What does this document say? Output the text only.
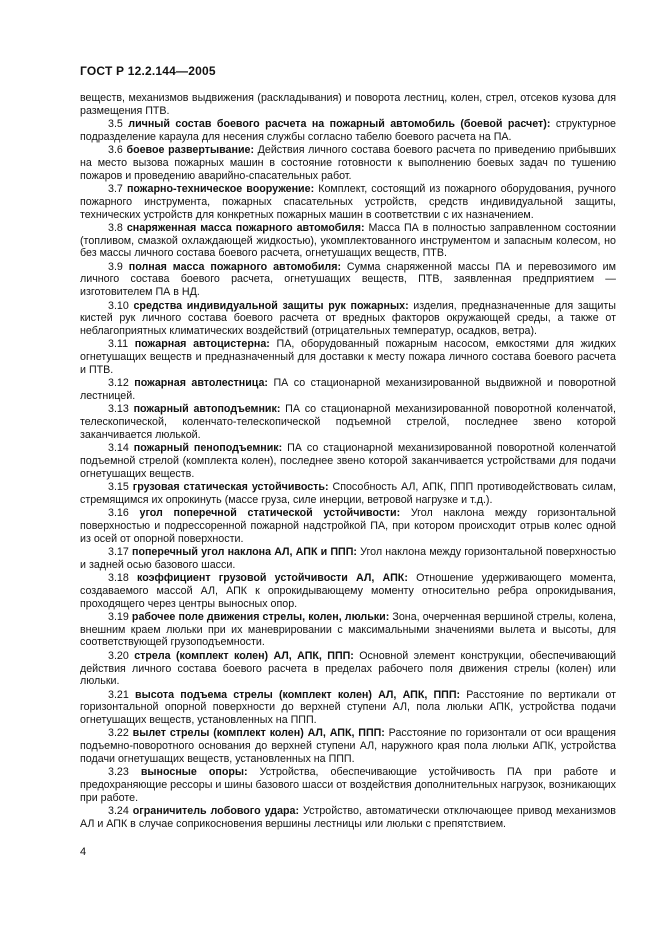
ГОСТ Р 12.2.144—2005

веществ, механизмов выдвижения (раскладывания) и поворота лестниц, колен, стрел, отсеков кузова для размещения ПТВ.

3.5 личный состав боевого расчета на пожарный автомобиль (боевой расчет): структурное подразделение караула для несения службы согласно табелю боевого расчета на ПА.

3.6 боевое развертывание: Действия личного состава боевого расчета по приведению прибывших на место вызова пожарных машин в состояние готовности к выполнению боевых задач по тушению пожаров и проведению аварийно-спасательных работ.

3.7 пожарно-техническое вооружение: Комплект, состоящий из пожарного оборудования, ручного пожарного инструмента, пожарных спасательных устройств, средств индивидуальной защиты, технических устройств для конкретных пожарных машин в соответствии с их назначением.

3.8 снаряженная масса пожарного автомобиля: Масса ПА в полностью заправленном состоянии (топливом, смазкой охлаждающей жидкостью), укомплектованного инструментом и запасным колесом, но без массы личного состава боевого расчета, огнетушащих веществ, ПТВ.

3.9 полная масса пожарного автомобиля: Сумма снаряженной массы ПА и перевозимого им личного состава боевого расчета, огнетушащих веществ, ПТВ, заявленная предприятием — изготовителем ПА в НД.

3.10 средства индивидуальной защиты рук пожарных: изделия, предназначенные для защиты кистей рук личного состава боевого расчета от вредных факторов окружающей среды, а также от неблагоприятных климатических воздействий (отрицательных температур, осадков, ветра).

3.11 пожарная автоцистерна: ПА, оборудованный пожарным насосом, емкостями для жидких огнетушащих веществ и предназначенный для доставки к месту пожара личного состава боевого расчета и ПТВ.

3.12 пожарная автолестница: ПА со стационарной механизированной выдвижной и поворотной лестницей.

3.13 пожарный автоподъемник: ПА со стационарной механизированной поворотной коленчатой, телескопической, коленчато-телескопической подъемной стрелой, последнее звено которой заканчивается люлькой.

3.14 пожарный пеноподъемник: ПА со стационарной механизированной поворотной коленчатой подъемной стрелой (комплекта колен), последнее звено которой заканчивается устройствами для подачи огнетушащих веществ.

3.15 грузовая статическая устойчивость: Способность АЛ, АПК, ППП противодействовать силам, стремящимся их опрокинуть (массе груза, силе инерции, ветровой нагрузке и т.д.).

3.16 угол поперечной статической устойчивости: Угол наклона между горизонтальной поверхностью и подрессоренной пожарной надстройкой ПА, при котором происходит отрыв колес одной из осей от опорной поверхности.

3.17 поперечный угол наклона АЛ, АПК и ППП: Угол наклона между горизонтальной поверхностью и задней осью базового шасси.

3.18 коэффициент грузовой устойчивости АЛ, АПК: Отношение удерживающего момента, создаваемого массой АЛ, АПК к опрокидывающему моменту относительно ребра опрокидывания, проходящего через центры выносных опор.

3.19 рабочее поле движения стрелы, колен, люльки: Зона, очерченная вершиной стрелы, колена, внешним краем люльки при их маневрировании с максимальными значениями вылета и высоты, для соответствующей грузоподъемности.

3.20 стрела (комплект колен) АЛ, АПК, ППП: Основной элемент конструкции, обеспечивающий действия личного состава боевого расчета в пределах рабочего поля движения стрелы (колен) или люльки.

3.21 высота подъема стрелы (комплект колен) АЛ, АПК, ППП: Расстояние по вертикали от горизонтальной опорной поверхности до верхней ступени АЛ, пола люльки АПК, устройства подачи огнетушащих веществ, установленных на ППП.

3.22 вылет стрелы (комплект колен) АЛ, АПК, ППП: Расстояние по горизонтали от оси вращения подъемно-поворотного основания до верхней ступени АЛ, наружного края пола люльки АПК, устройства подачи огнетушащих веществ, установленных на ППП.

3.23 выносные опоры: Устройства, обеспечивающие устойчивость ПА при работе и предохраняющие рессоры и шины базового шасси от воздействия дополнительных нагрузок, возникающих при работе.

3.24 ограничитель лобового удара: Устройство, автоматически отключающее привод механизмов АЛ и АПК в случае соприкосновения вершины лестницы или люльки с препятствием.

4
